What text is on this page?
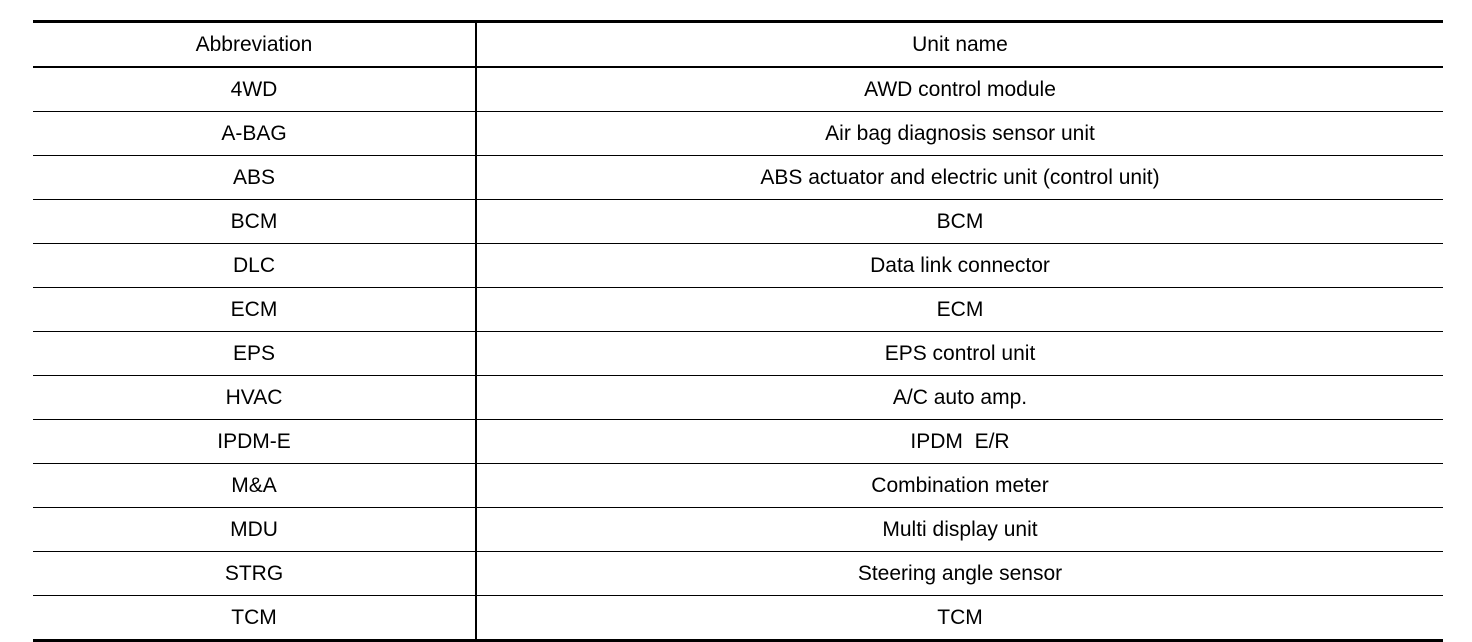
Abbreviation	Unit name
4WD	AWD control module
A-BAG	Air bag diagnosis sensor unit
ABS	ABS actuator and electric unit (control unit)
BCM	BCM
DLC	Data link connector
ECM	ECM
EPS	EPS control unit
HVAC	A/C auto amp.
IPDM-E	IPDM  E/R
M&A	Combination meter
MDU	Multi display unit
STRG	Steering angle sensor
TCM	TCM
